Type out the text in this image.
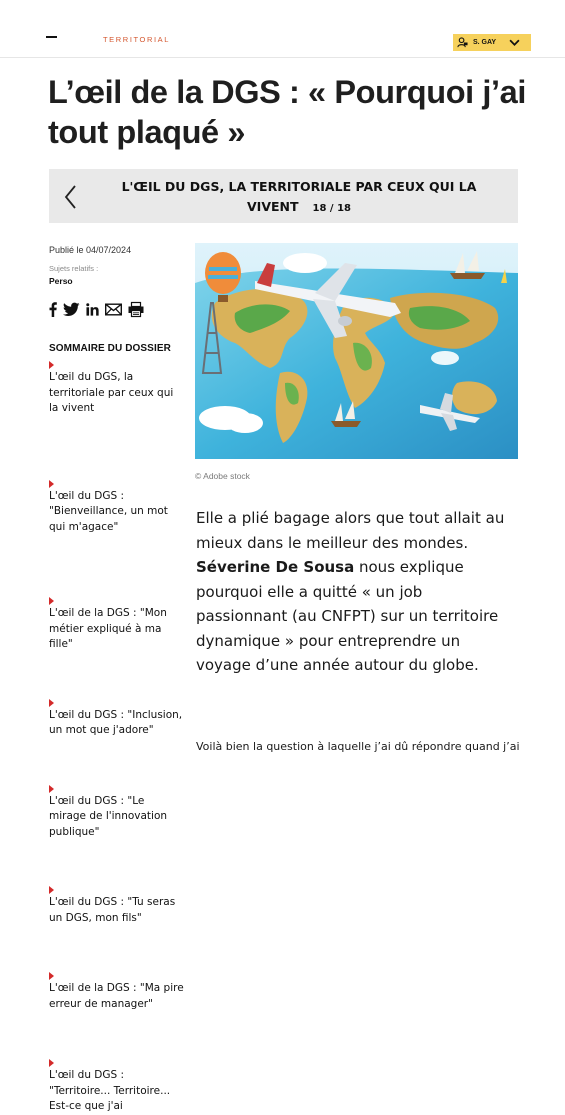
TERRITORIAL	S. GAY
L’œil de la DGS : « Pourquoi j’ai tout plaqué »
L'ŒIL DU DGS, LA TERRITORIALE PAR CEUX QUI LA VIVENT 18 / 18
Publié le 04/07/2024
Sujets relatifs :
Perso
SOMMAIRE DU DOSSIER
L'œil du DGS, la territoriale par ceux qui la vivent
L'œil du DGS : "Bienveillance, un mot qui m'agace"
L'œil de la DGS : "Mon métier expliqué à ma fille"
L'œil du DGS : "Inclusion, un mot que j'adore"
L'œil du DGS : "Le mirage de l'innovation publique"
L'œil du DGS : "Tu seras un DGS, mon fils"
L'œil de la DGS : "Ma pire erreur de manager"
L'œil du DGS : "Territoire... Territoire... Est-ce que j'ai
© Adobe stock

Elle a plié bagage alors que tout allait au mieux dans le meilleur des mondes. Séverine De Sousa nous explique pourquoi elle a quitté « un job passionnant (au CNFPT) sur un territoire dynamique » pour entreprendre un voyage d’une année autour du globe.

Voilà bien la question à laquelle j’ai dû répondre quand j’ai
